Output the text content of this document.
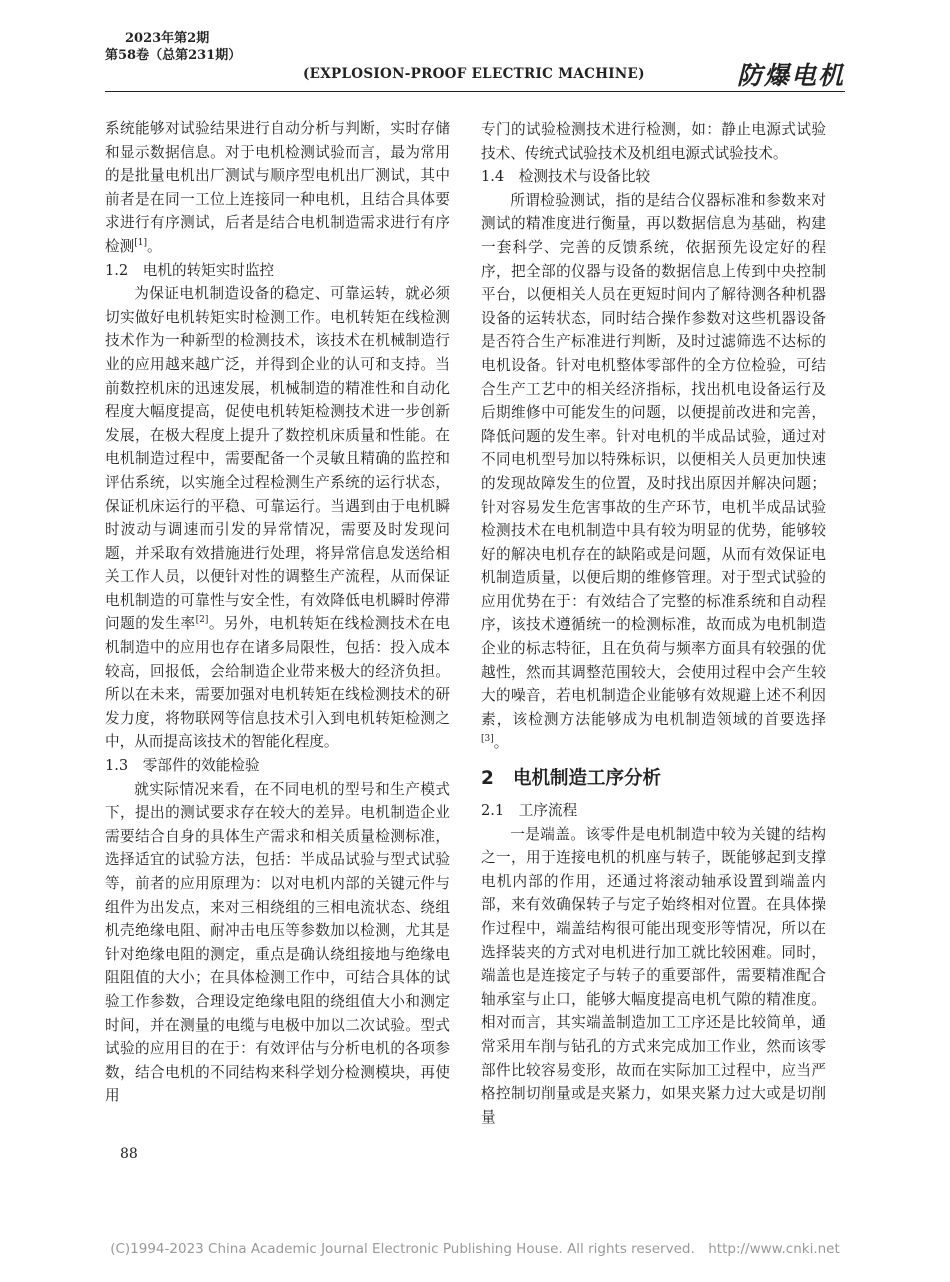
2023年第2期
第58卷（总第231期）
(EXPLOSION-PROOF ELECTRIC MACHINE)	防爆电机

系统能够对试验结果进行自动分析与判断，实时存储和显示数据信息。对于电机检测试验而言，最为常用的是批量电机出厂测试与顺序型电机出厂测试，其中前者是在同一工位上连接同一种电机，且结合具体要求进行有序测试，后者是结合电机制造需求进行有序检测[1]。

1.2　电机的转矩实时监控

为保证电机制造设备的稳定、可靠运转，就必须切实做好电机转矩实时检测工作。电机转矩在线检测技术作为一种新型的检测技术，该技术在机械制造行业的应用越来越广泛，并得到企业的认可和支持。当前数控机床的迅速发展，机械制造的精准性和自动化程度大幅度提高，促使电机转矩检测技术进一步创新发展，在极大程度上提升了数控机床质量和性能。在电机制造过程中，需要配备一个灵敏且精确的监控和评估系统，以实施全过程检测生产系统的运行状态，保证机床运行的平稳、可靠运行。当遇到由于电机瞬时波动与调速而引发的异常情况，需要及时发现问题，并采取有效措施进行处理，将异常信息发送给相关工作人员，以便针对性的调整生产流程，从而保证电机制造的可靠性与安全性，有效降低电机瞬时停滞问题的发生率[2]。另外，电机转矩在线检测技术在电机制造中的应用也存在诸多局限性，包括：投入成本较高，回报低，会给制造企业带来极大的经济负担。所以在未来，需要加强对电机转矩在线检测技术的研发力度，将物联网等信息技术引入到电机转矩检测之中，从而提高该技术的智能化程度。

1.3　零部件的效能检验

就实际情况来看，在不同电机的型号和生产模式下，提出的测试要求存在较大的差异。电机制造企业需要结合自身的具体生产需求和相关质量检测标准，选择适宜的试验方法，包括：半成品试验与型式试验等，前者的应用原理为：以对电机内部的关键元件与组件为出发点，来对三相绕组的三相电流状态、绕组机壳绝缘电阻、耐冲击电压等参数加以检测，尤其是针对绝缘电阻的测定，重点是确认绕组接地与绝缘电阻阻值的大小；在具体检测工作中，可结合具体的试验工作参数，合理设定绝缘电阻的绕组值大小和测定时间，并在测量的电缆与电极中加以二次试验。型式试验的应用目的在于：有效评估与分析电机的各项参数，结合电机的不同结构来科学划分检测模块，再使用

专门的试验检测技术进行检测，如：静止电源式试验技术、传统式试验技术及机组电源式试验技术。

1.4　检测技术与设备比较

所谓检验测试，指的是结合仪器标准和参数来对测试的精准度进行衡量，再以数据信息为基础，构建一套科学、完善的反馈系统，依据预先设定好的程序，把全部的仪器与设备的数据信息上传到中央控制平台，以便相关人员在更短时间内了解待测各种机器设备的运转状态，同时结合操作参数对这些机器设备是否符合生产标准进行判断，及时过滤筛选不达标的电机设备。针对电机整体零部件的全方位检验，可结合生产工艺中的相关经济指标，找出机电设备运行及后期维修中可能发生的问题，以便提前改进和完善，降低问题的发生率。针对电机的半成品试验，通过对不同电机型号加以特殊标识，以便相关人员更加快速的发现故障发生的位置，及时找出原因并解决问题；针对容易发生危害事故的生产环节，电机半成品试验检测技术在电机制造中具有较为明显的优势，能够较好的解决电机存在的缺陷或是问题，从而有效保证电机制造质量，以便后期的维修管理。对于型式试验的应用优势在于：有效结合了完整的标准系统和自动程序，该技术遵循统一的检测标准，故而成为电机制造企业的标志特征，且在负荷与频率方面具有较强的优越性，然而其调整范围较大，会使用过程中会产生较大的噪音，若电机制造企业能够有效规避上述不利因素，该检测方法能够成为电机制造领域的首要选择[3]。

2 电机制造工序分析

2.1　工序流程

一是端盖。该零件是电机制造中较为关键的结构之一，用于连接电机的机座与转子，既能够起到支撑电机内部的作用，还通过将滚动轴承设置到端盖内部，来有效确保转子与定子始终相对位置。在具体操作过程中，端盖结构很可能出现变形等情况，所以在选择装夹的方式对电机进行加工就比较困难。同时，端盖也是连接定子与转子的重要部件，需要精准配合轴承室与止口，能够大幅度提高电机气隙的精准度。相对而言，其实端盖制造加工工序还是比较简单，通常采用车削与钻孔的方式来完成加工作业，然而该零部件比较容易变形，故而在实际加工过程中，应当严格控制切削量或是夹紧力，如果夹紧力过大或是切削量

88
(C)1994-2023 China Academic Journal Electronic Publishing House. All rights reserved.　http://www.cnki.net
